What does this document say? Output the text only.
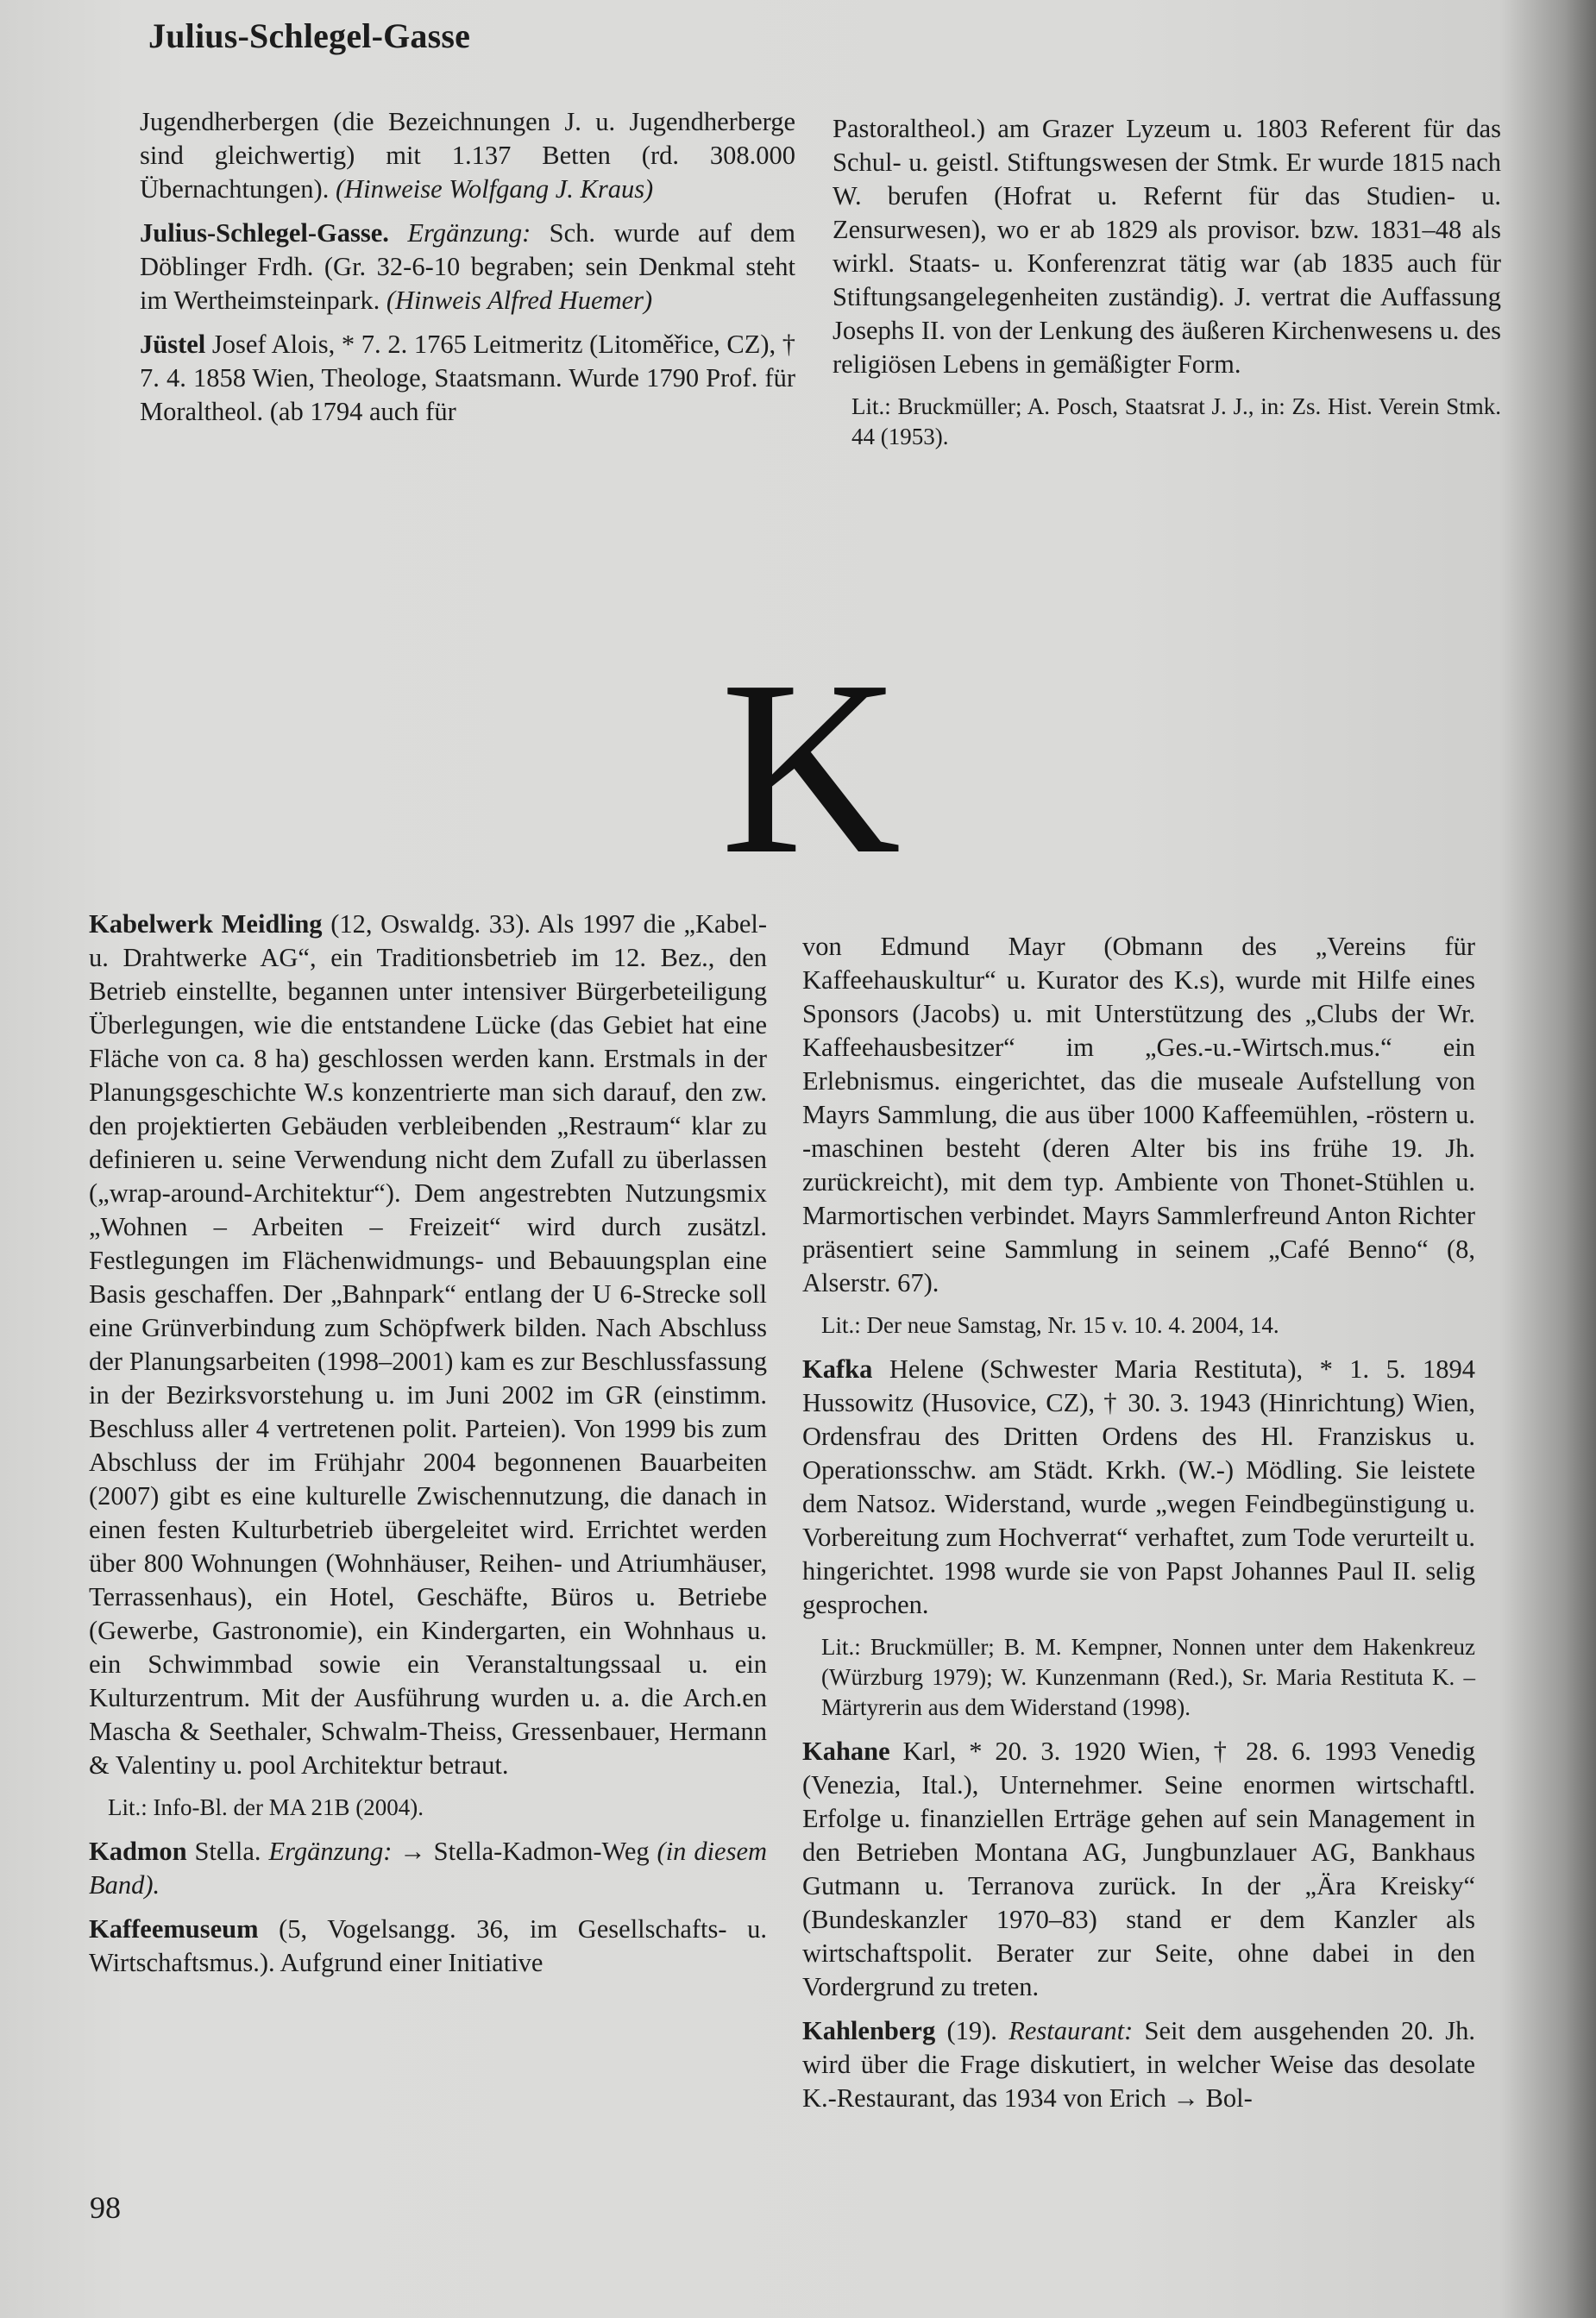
Julius-Schlegel-Gasse

Jugendherbergen (die Bezeichnungen J. u. Jugendherberge sind gleichwertig) mit 1.137 Betten (rd. 308.000 Übernachtungen). (Hinweise Wolfgang J. Kraus)

Julius-Schlegel-Gasse. Ergänzung: Sch. wurde auf dem Döblinger Frdh. (Gr. 32-6-10 begraben; sein Denkmal steht im Wertheimsteinpark. (Hinweis Alfred Huemer)

Jüstel Josef Alois, * 7. 2. 1765 Leitmeritz (Litoměřice, CZ), † 7. 4. 1858 Wien, Theologe, Staatsmann. Wurde 1790 Prof. für Moraltheol. (ab 1794 auch für

Pastoraltheol.) am Grazer Lyzeum u. 1803 Referent für das Schul- u. geistl. Stiftungswesen der Stmk. Er wurde 1815 nach W. berufen (Hofrat u. Refernt für das Studien- u. Zensurwesen), wo er ab 1829 als provisor. bzw. 1831–48 als wirkl. Staats- u. Konferenzrat tätig war (ab 1835 auch für Stiftungsangelegenheiten zuständig). J. vertrat die Auffassung Josephs II. von der Lenkung des äußeren Kirchenwesens u. des religiösen Lebens in gemäßigter Form.

Lit.: Bruckmüller; A. Posch, Staatsrat J. J., in: Zs. Hist. Verein Stmk. 44 (1953).

K

Kabelwerk Meidling (12, Oswaldg. 33). Als 1997 die „Kabel- u. Drahtwerke AG“, ein Traditionsbetrieb im 12. Bez., den Betrieb einstellte, begannen unter intensiver Bürgerbeteiligung Überlegungen, wie die entstandene Lücke (das Gebiet hat eine Fläche von ca. 8 ha) geschlossen werden kann. Erstmals in der Planungsgeschichte W.s konzentrierte man sich darauf, den zw. den projektierten Gebäuden verbleibenden „Restraum“ klar zu definieren u. seine Verwendung nicht dem Zufall zu überlassen („wrap-around-Architektur“). Dem angestrebten Nutzungsmix „Wohnen – Arbeiten – Freizeit“ wird durch zusätzl. Festlegungen im Flächenwidmungs- und Bebauungsplan eine Basis geschaffen. Der „Bahnpark“ entlang der U 6-Strecke soll eine Grünverbindung zum Schöpfwerk bilden. Nach Abschluss der Planungsarbeiten (1998–2001) kam es zur Beschlussfassung in der Bezirksvorstehung u. im Juni 2002 im GR (einstimm. Beschluss aller 4 vertretenen polit. Parteien). Von 1999 bis zum Abschluss der im Frühjahr 2004 begonnenen Bauarbeiten (2007) gibt es eine kulturelle Zwischennutzung, die danach in einen festen Kulturbetrieb übergeleitet wird. Errichtet werden über 800 Wohnungen (Wohnhäuser, Reihen- und Atriumhäuser, Terrassenhaus), ein Hotel, Geschäfte, Büros u. Betriebe (Gewerbe, Gastronomie), ein Kindergarten, ein Wohnhaus u. ein Schwimmbad sowie ein Veranstaltungssaal u. ein Kulturzentrum. Mit der Ausführung wurden u. a. die Arch.en Mascha & Seethaler, Schwalm-Theiss, Gressenbauer, Hermann & Valentiny u. pool Architektur betraut.

Lit.: Info-Bl. der MA 21B (2004).

Kadmon Stella. Ergänzung: → Stella-Kadmon-Weg (in diesem Band).

Kaffeemuseum (5, Vogelsangg. 36, im Gesellschafts- u. Wirtschaftsmus.). Aufgrund einer Initiative

von Edmund Mayr (Obmann des „Vereins für Kaffeehauskultur“ u. Kurator des K.s), wurde mit Hilfe eines Sponsors (Jacobs) u. mit Unterstützung des „Clubs der Wr. Kaffeehausbesitzer“ im „Ges.-u.-Wirtsch.mus.“ ein Erlebnismus. eingerichtet, das die museale Aufstellung von Mayrs Sammlung, die aus über 1000 Kaffeemühlen, -röstern u. -maschinen besteht (deren Alter bis ins frühe 19. Jh. zurückreicht), mit dem typ. Ambiente von Thonet-Stühlen u. Marmortischen verbindet. Mayrs Sammlerfreund Anton Richter präsentiert seine Sammlung in seinem „Café Benno“ (8, Alserstr. 67).

Lit.: Der neue Samstag, Nr. 15 v. 10. 4. 2004, 14.

Kafka Helene (Schwester Maria Restituta), * 1. 5. 1894 Hussowitz (Husovice, CZ), † 30. 3. 1943 (Hinrichtung) Wien, Ordensfrau des Dritten Ordens des Hl. Franziskus u. Operationsschw. am Städt. Krkh. (W.-) Mödling. Sie leistete dem Natsoz. Widerstand, wurde „wegen Feindbegünstigung u. Vorbereitung zum Hochverrat“ verhaftet, zum Tode verurteilt u. hingerichtet. 1998 wurde sie von Papst Johannes Paul II. selig gesprochen.

Lit.: Bruckmüller; B. M. Kempner, Nonnen unter dem Hakenkreuz (Würzburg 1979); W. Kunzenmann (Red.), Sr. Maria Restituta K. – Märtyrerin aus dem Widerstand (1998).

Kahane Karl, * 20. 3. 1920 Wien, † 28. 6. 1993 Venedig (Venezia, Ital.), Unternehmer. Seine enormen wirtschaftl. Erfolge u. finanziellen Erträge gehen auf sein Management in den Betrieben Montana AG, Jungbunzlauer AG, Bankhaus Gutmann u. Terranova zurück. In der „Ära Kreisky“ (Bundeskanzler 1970–83) stand er dem Kanzler als wirtschaftspolit. Berater zur Seite, ohne dabei in den Vordergrund zu treten.

Kahlenberg (19). Restaurant: Seit dem ausgehenden 20. Jh. wird über die Frage diskutiert, in welcher Weise das desolate K.-Restaurant, das 1934 von Erich → Bol-

98
